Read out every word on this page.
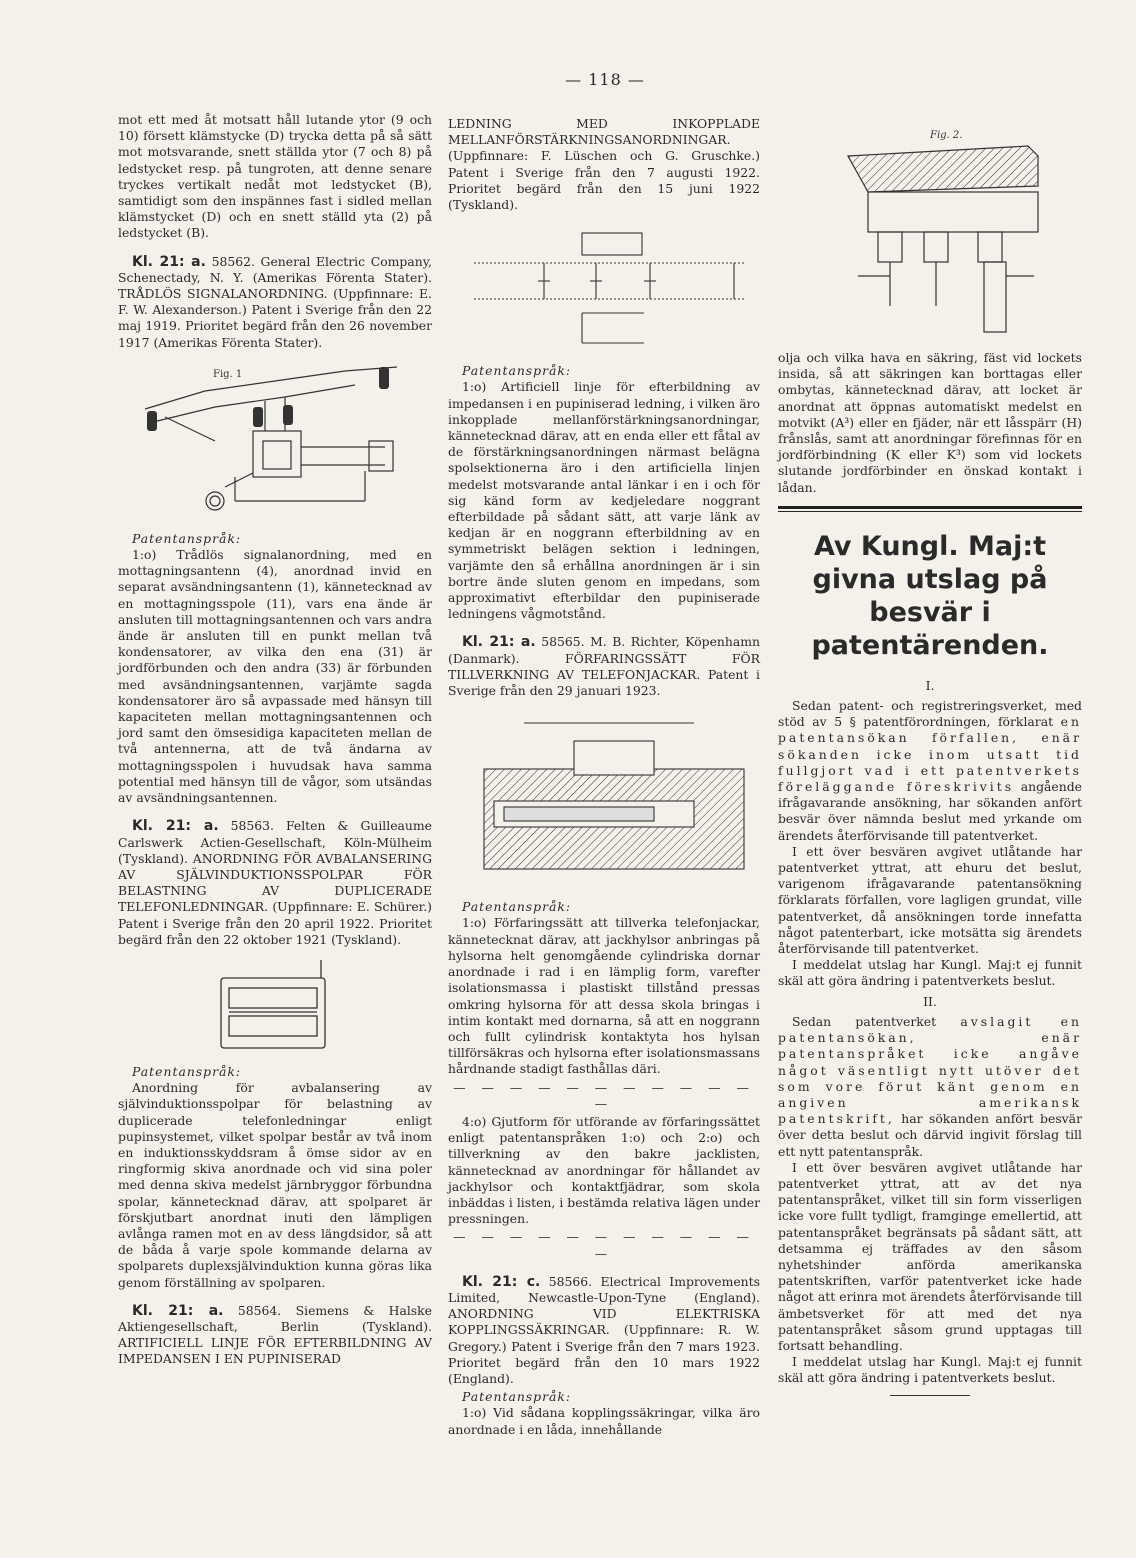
— 118 —

mot ett med åt motsatt håll lutande ytor (9 och 10) försett klämstycke (D) trycka detta på så sätt mot motsvarande, snett ställda ytor (7 och 8) på ledstycket resp. på tungroten, att denne senare tryckes vertikalt nedåt mot ledstycket (B), samtidigt som den inspännes fast i sidled mellan klämstycket (D) och en snett ställd yta (2) på ledstycket (B).

Kl. 21: a. 58562. General Electric Company, Schenectady, N. Y. (Amerikas Förenta Stater). TRÅDLÖS SIGNALANORDNING. (Uppfinnare: E. F. W. Alexanderson.) Patent i Sverige från den 22 maj 1919. Prioritet begärd från den 26 november 1917 (Amerikas Förenta Stater).

Fig. 1

Patentanspråk:

1:o) Trådlös signalanordning, med en mottagningsantenn (4), anordnad invid en separat avsändningsantenn (1), kännetecknad av en mottagningsspole (11), vars ena ände är ansluten till mottagningsantennen och vars andra ände är ansluten till en punkt mellan två kondensatorer, av vilka den ena (31) är jordförbunden och den andra (33) är förbunden med avsändningsantennen, varjämte sagda kondensatorer äro så avpassade med hänsyn till kapaciteten mellan mottagningsantennen och jord samt den ömsesidiga kapaciteten mellan de två antennerna, att de två ändarna av mottagningsspolen i huvudsak hava samma potential med hänsyn till de vågor, som utsändas av avsändningsantennen.

Kl. 21: a. 58563. Felten & Guilleaume Carlswerk Actien-Gesellschaft, Köln-Mülheim (Tyskland). ANORDNING FÖR AVBALANSERING AV SJÄLVINDUKTIONSSPOLPAR FÖR BELASTNING AV DUPLICERADE TELEFONLEDNINGAR. (Uppfinnare: E. Schürer.) Patent i Sverige från den 20 april 1922. Prioritet begärd från den 22 oktober 1921 (Tyskland).

Patentanspråk:

Anordning för avbalansering av självinduktionsspolpar för belastning av duplicerade telefonledningar enligt pupinsystemet, vilket spolpar består av två inom en induktionsskyddsram å ömse sidor av en ringformig skiva anordnade och vid sina poler med denna skiva medelst järnbryggor förbundna spolar, kännetecknad därav, att spolparet är förskjutbart anordnat inuti den lämpligen avlånga ramen mot en av dess längdsidor, så att de båda å varje spole kommande delarna av spolparets duplexsjälvinduktion kunna göras lika genom förställning av spolparen.

Kl. 21: a. 58564. Siemens & Halske Aktiengesellschaft, Berlin (Tyskland). ARTIFICIELL LINJE FÖR EFTERBILDNING AV IMPEDANSEN I EN PUPINISERAD

LEDNING MED INKOPPLADE MELLANFÖRSTÄRKNINGSANORDNINGAR. (Uppfinnare: F. Lüschen och G. Gruschke.) Patent i Sverige från den 7 augusti 1922. Prioritet begärd från den 15 juni 1922 (Tyskland).

Patentanspråk:

1:o) Artificiell linje för efterbildning av impedansen i en pupiniserad ledning, i vilken äro inkopplade mellanförstärkningsanordningar, kännetecknad därav, att en enda eller ett fåtal av de förstärkningsanordningen närmast belägna spolsektionerna äro i den artificiella linjen medelst motsvarande antal länkar i en i och för sig känd form av kedjeledare noggrant efterbildade på sådant sätt, att varje länk av kedjan är en noggrann efterbildning av en symmetriskt belägen sektion i ledningen, varjämte den så erhållna anordningen är i sin bortre ände sluten genom en impedans, som approximativt efterbildar den pupiniserade ledningens vågmotstånd.

Kl. 21: a. 58565. M. B. Richter, Köpenhamn (Danmark). FÖRFARINGSSÄTT FÖR TILLVERKNING AV TELEFONJACKAR. Patent i Sverige från den 29 januari 1923.

Patentanspråk:

1:o) Förfaringssätt att tillverka telefonjackar, kännetecknat därav, att jackhylsor anbringas på hylsorna helt genomgående cylindriska dornar anordnade i rad i en lämplig form, varefter isolationsmassa i plastiskt tillstånd pressas omkring hylsorna för att dessa skola bringas i intim kontakt med dornarna, så att en noggrann och fullt cylindrisk kontaktyta hos hylsan tillförsäkras och hylsorna efter isolationsmassans hårdnande stadigt fasthållas däri.

— — — — — — — — — — — —

4:o) Gjutform för utförande av förfaringssättet enligt patentanspråken 1:o) och 2:o) och tillverkning av den bakre jacklisten, kännetecknad av anordningar för hållandet av jackhylsor och kontaktfjädrar, som skola inbäddas i listen, i bestämda relativa lägen under pressningen.

— — — — — — — — — — — —

Kl. 21: c. 58566. Electrical Improvements Limited, Newcastle-Upon-Tyne (England). ANORDNING VID ELEKTRISKA KOPPLINGSSÄKRINGAR. (Uppfinnare: R. W. Gregory.) Patent i Sverige från den 7 mars 1923. Prioritet begärd från den 10 mars 1922 (England).

Patentanspråk:

1:o) Vid sådana kopplingssäkringar, vilka äro anordnade i en låda, innehållande

Fig. 2.

olja och vilka hava en säkring, fäst vid lockets insida, så att säkringen kan borttagas eller ombytas, kännetecknad därav, att locket är anordnat att öppnas automatiskt medelst en motvikt (A³) eller en fjäder, när ett låsspärr (H) frånslås, samt att anordningar förefinnas för en jordförbindning (K eller K³) som vid lockets slutande jordförbinder en önskad kontakt i lådan.

Av Kungl. Maj:t givna utslag på besvär i patentärenden.

I.

Sedan patent- och registreringsverket, med stöd av 5 § patentförordningen, förklarat en patentansökan förfallen, enär sökanden icke inom utsatt tid fullgjort vad i ett patentverkets föreläggande föreskrivits angående ifrågavarande ansökning, har sökanden anfört besvär över nämnda beslut med yrkande om ärendets återförvisande till patentverket.

I ett över besvären avgivet utlåtande har patentverket yttrat, att ehuru det beslut, varigenom ifrågavarande patentansökning förklarats förfallen, vore lagligen grundat, ville patentverket, då ansökningen torde innefatta något patenterbart, icke motsätta sig ärendets återförvisande till patentverket.

I meddelat utslag har Kungl. Maj:t ej funnit skäl att göra ändring i patentverkets beslut.

II.

Sedan patentverket avslagit en patentansökan, enär patentanspråket icke angåve något väsentligt nytt utöver det som vore förut känt genom en angiven amerikansk patentskrift, har sökanden anfört besvär över detta beslut och därvid ingivit förslag till ett nytt patentanspråk.

I ett över besvären avgivet utlåtande har patentverket yttrat, att av det nya patentanspråket, vilket till sin form visserligen icke vore fullt tydligt, framginge emellertid, att patentanspråket begränsats på sådant sätt, att detsamma ej träffades av den såsom nyhetshinder anförda amerikanska patentskriften, varför patentverket icke hade något att erinra mot ärendets återförvisande till ämbetsverket för att med det nya patentanspråket såsom grund upptagas till fortsatt behandling.

I meddelat utslag har Kungl. Maj:t ej funnit skäl att göra ändring i patentverkets beslut.
